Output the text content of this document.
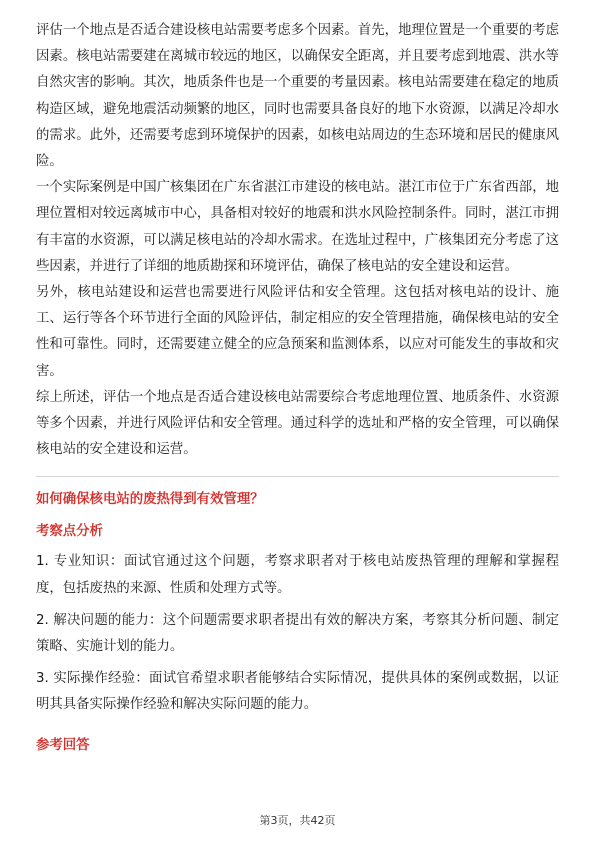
评估一个地点是否适合建设核电站需要考虑多个因素。首先，地理位置是一个重要的考虑因素。核电站需要建在离城市较远的地区，以确保安全距离，并且要考虑到地震、洪水等自然灾害的影响。其次，地质条件也是一个重要的考量因素。核电站需要建在稳定的地质构造区域，避免地震活动频繁的地区，同时也需要具备良好的地下水资源，以满足冷却水的需求。此外，还需要考虑到环境保护的因素，如核电站周边的生态环境和居民的健康风险。

一个实际案例是中国广核集团在广东省湛江市建设的核电站。湛江市位于广东省西部，地理位置相对较远离城市中心，具备相对较好的地震和洪水风险控制条件。同时，湛江市拥有丰富的水资源，可以满足核电站的冷却水需求。在选址过程中，广核集团充分考虑了这些因素，并进行了详细的地质勘探和环境评估，确保了核电站的安全建设和运营。

另外，核电站建设和运营也需要进行风险评估和安全管理。这包括对核电站的设计、施工、运行等各个环节进行全面的风险评估，制定相应的安全管理措施，确保核电站的安全性和可靠性。同时，还需要建立健全的应急预案和监测体系，以应对可能发生的事故和灾害。

综上所述，评估一个地点是否适合建设核电站需要综合考虑地理位置、地质条件、水资源等多个因素，并进行风险评估和安全管理。通过科学的选址和严格的安全管理，可以确保核电站的安全建设和运营。

如何确保核电站的废热得到有效管理？

考察点分析

1. 专业知识：面试官通过这个问题，考察求职者对于核电站废热管理的理解和掌握程度，包括废热的来源、性质和处理方式等。

2. 解决问题的能力：这个问题需要求职者提出有效的解决方案，考察其分析问题、制定策略、实施计划的能力。

3. 实际操作经验：面试官希望求职者能够结合实际情况，提供具体的案例或数据，以证明其具备实际操作经验和解决实际问题的能力。

参考回答

第3页，共42页
